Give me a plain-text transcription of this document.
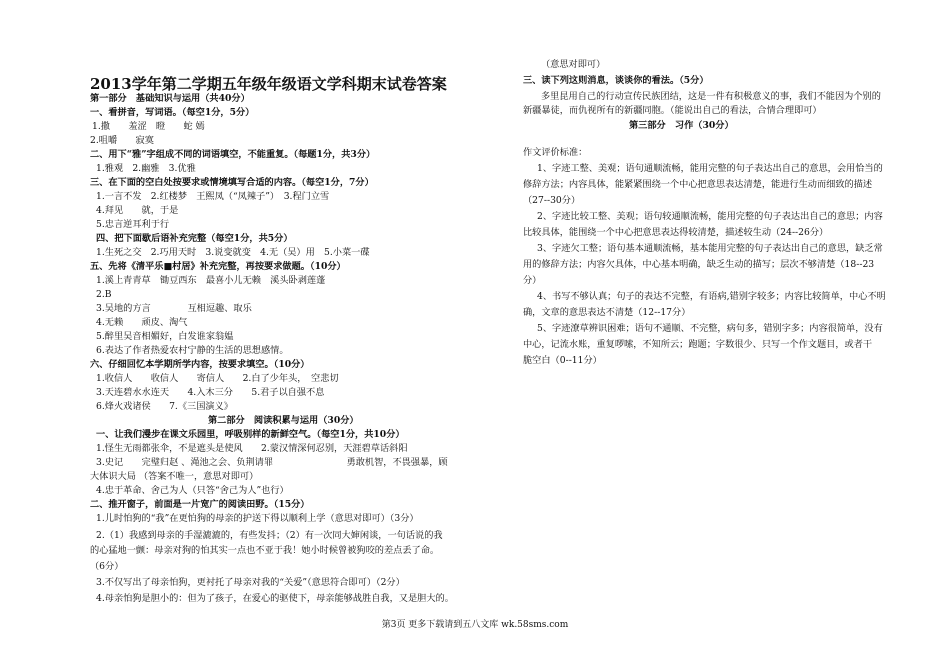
2013学年第二学期五年级年级语文学科期末试卷答案
第一部分　基础知识与运用（共40分）
一、看拼音，写词语。（每空1分，5分）
1.撒　　羞涩　瞪　　蛇 嫣
2.咀嚼　　寂寞
二、用下“雅”字组成不同的词语填空，不能重复。（每题1分，共3分）
1.雅观　2.幽雅　3.优雅
三、在下面的空白处按要求或情境填写合适的内容。（每空1分，7分）
1.一言不发　2.红楼梦　王熙凤（“凤辣子”）　3.程门立雪
4.拜见　　就，于是
5.忠言逆耳利于行
四、把下面歇后语补充完整（每空1分，共5分）
1.生死之交　2.巧用天时　3.说变就变　4.无（吴）用　5.小菜一碟
五、先将《清平乐■村居》补充完整，再按要求做题。（10分）
1.溪上青青草　锄豆西东　最喜小儿无赖　溪头卧剥莲蓬
2.B
3.吴地的方言　　　　互相逗趣、取乐
4.无赖　　顽皮、淘气
5.醉里吴音相媚好，白发谁家翁媪
6.表达了作者热爱农村宁静的生活的思想感情。
六、仔细回忆本学期所学内容，按要求填空。（10分）
1.收信人　　收信人　　寄信人　　2.白了少年头，　空悲切
3.天连碧水水连天　　4.入木三分　　5.君子以自强不息
6.烽火戏诸侯　　7.《三国演义》
第二部分　阅读积累与运用（30分）
一、让我们漫步在课文乐园里，呼吸别样的新鲜空气。（每空1分，共10分）
1.怪生无雨都张伞，不是遮头是使风　　2.蒙汉情深何忍别，天涯碧草话斜阳
3.史记　　完璧归赵 、渑池之会、负荆请罪　　　　　　　　勇敢机智，不畏强暴，顾
大体识大局 （答案不唯一，意思对即可）
4.忠于革命、舍己为人（只答“舍己为人”也行）
二、推开窗子，前面是一片宽广的阅读田野。（15分）
1.儿时怕狗的“我”在更怕狗的母亲的护送下得以顺利上学（意思对即可）（3分）
2.（1）我感到母亲的手湿漉漉的，有些发抖；（2）有一次同大婶闲谈，一句话说的我
的心猛地一颤：母亲对狗的怕其实一点也不亚于我！她小时候曾被狗咬的差点丢了命。
（6分）
3.不仅写出了母亲怕狗，更衬托了母亲对我的“关爱”（意思符合即可）（2分）
4.母亲怕狗是胆小的：但为了孩子，在爱心的驱使下，母亲能够战胜自我，又是胆大的。
（意思对即可）
三、读下列这则消息，谈谈你的看法。（5分）
多里昆用自己的行动宣传民族团结，这是一件有积极意义的事，我们不能因为个别的
新疆暴徒，而仇视所有的新疆同胞。（能说出自己的看法，合情合理即可）
第三部分　习作（30分）
作文评价标准：
1、字迹工整、美观；语句通顺流畅，能用完整的句子表达出自己的意思，会用恰当的
修辞方法；内容具体，能紧紧围绕一个中心把意思表达清楚，能进行生动而细致的描述
（27--30分）
2、字迹比较工整、美观；语句较通顺流畅，能用完整的句子表达出自己的意思；内容
比较具体，能围绕一个中心把意思表达得较清楚，描述较生动（24--26分）
3、字迹欠工整；语句基本通顺流畅，基本能用完整的句子表达出自己的意思，缺乏常
用的修辞方法；内容欠具体，中心基本明确，缺乏生动的描写；层次不够清楚（18--23
分）
4、书写不够认真；句子的表达不完整，有语病,错别字较多；内容比较简单，中心不明
确，文章的意思表达不清楚（12--17分）
5、字迹潦草辨识困难；语句不通顺、不完整，病句多，错别字多；内容很简单，没有
中心，记流水账，重复啰嗦，不知所云；跑题；字数很少、只写一个作文题目，或者干
脆空白（0--11分）
第3页 更多下载请到五八文库 wk.58sms.com
